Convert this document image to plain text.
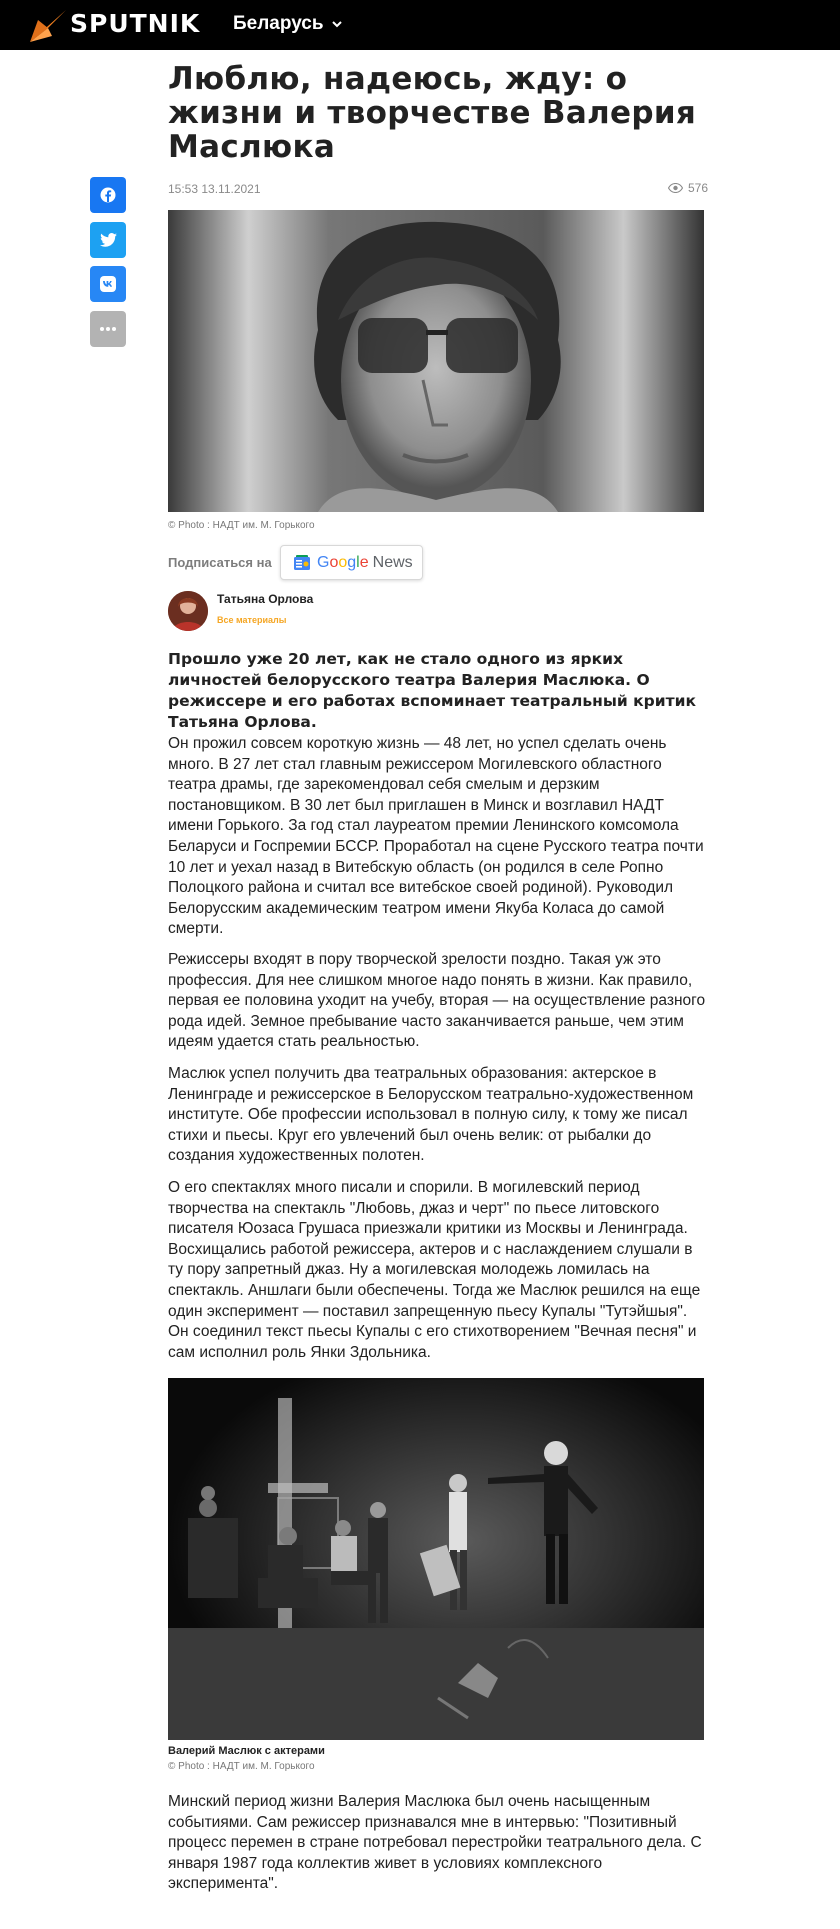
SPUTNIK Беларусь
Люблю, надеюсь, жду: о жизни и творчестве Валерия Маслюка
15:53 13.11.2021	576
© Photo : НАДТ им. М. Горького
Подписаться на	Google News
Татьяна Орлова
Все материалы
Прошло уже 20 лет, как не стало одного из ярких личностей белорусского театра Валерия Маслюка. О режиссере и его работах вспоминает театральный критик Татьяна Орлова.

Он прожил совсем короткую жизнь — 48 лет, но успел сделать очень много. В 27 лет стал главным режиссером Могилевского областного театра драмы, где зарекомендовал себя смелым и дерзким постановщиком. В 30 лет был приглашен в Минск и возглавил НАДТ имени Горького. За год стал лауреатом премии Ленинского комсомола Беларуси и Госпремии БССР. Проработал на сцене Русского театра почти 10 лет и уехал назад в Витебскую область (он родился в селе Ропно Полоцкого района и считал все витебское своей родиной). Руководил Белорусским академическим театром имени Якуба Коласа до самой смерти.

Режиссеры входят в пору творческой зрелости поздно. Такая уж это профессия. Для нее слишком многое надо понять в жизни. Как правило, первая ее половина уходит на учебу, вторая — на осуществление разного рода идей. Земное пребывание часто заканчивается раньше, чем этим идеям удается стать реальностью.

Маслюк успел получить два театральных образования: актерское в Ленинграде и режиссерское в Белорусском театрально-художественном институте. Обе профессии использовал в полную силу, к тому же писал стихи и пьесы. Круг его увлечений был очень велик: от рыбалки до создания художественных полотен.

О его спектаклях много писали и спорили. В могилевский период творчества на спектакль "Любовь, джаз и черт" по пьесе литовского писателя Юозаса Грушаса приезжали критики из Москвы и Ленинграда. Восхищались работой режиссера, актеров и с наслаждением слушали в ту пору запретный джаз. Ну а могилевская молодежь ломилась на спектакль. Аншлаги были обеспечены. Тогда же Маслюк решился на еще один эксперимент — поставил запрещенную пьесу Купалы "Тутэйшыя". Он соединил текст пьесы Купалы с его стихотворением "Вечная песня" и сам исполнил роль Янки Здольника.

Валерий Маслюк с актерами
© Photo : НАДТ им. М. Горького

Минский период жизни Валерия Маслюка был очень насыщенным событиями. Сам режиссер признавался мне в интервью: "Позитивный процесс перемен в стране потребовал перестройки театрального дела. С января 1987 года коллектив живет в условиях комплексного эксперимента".
